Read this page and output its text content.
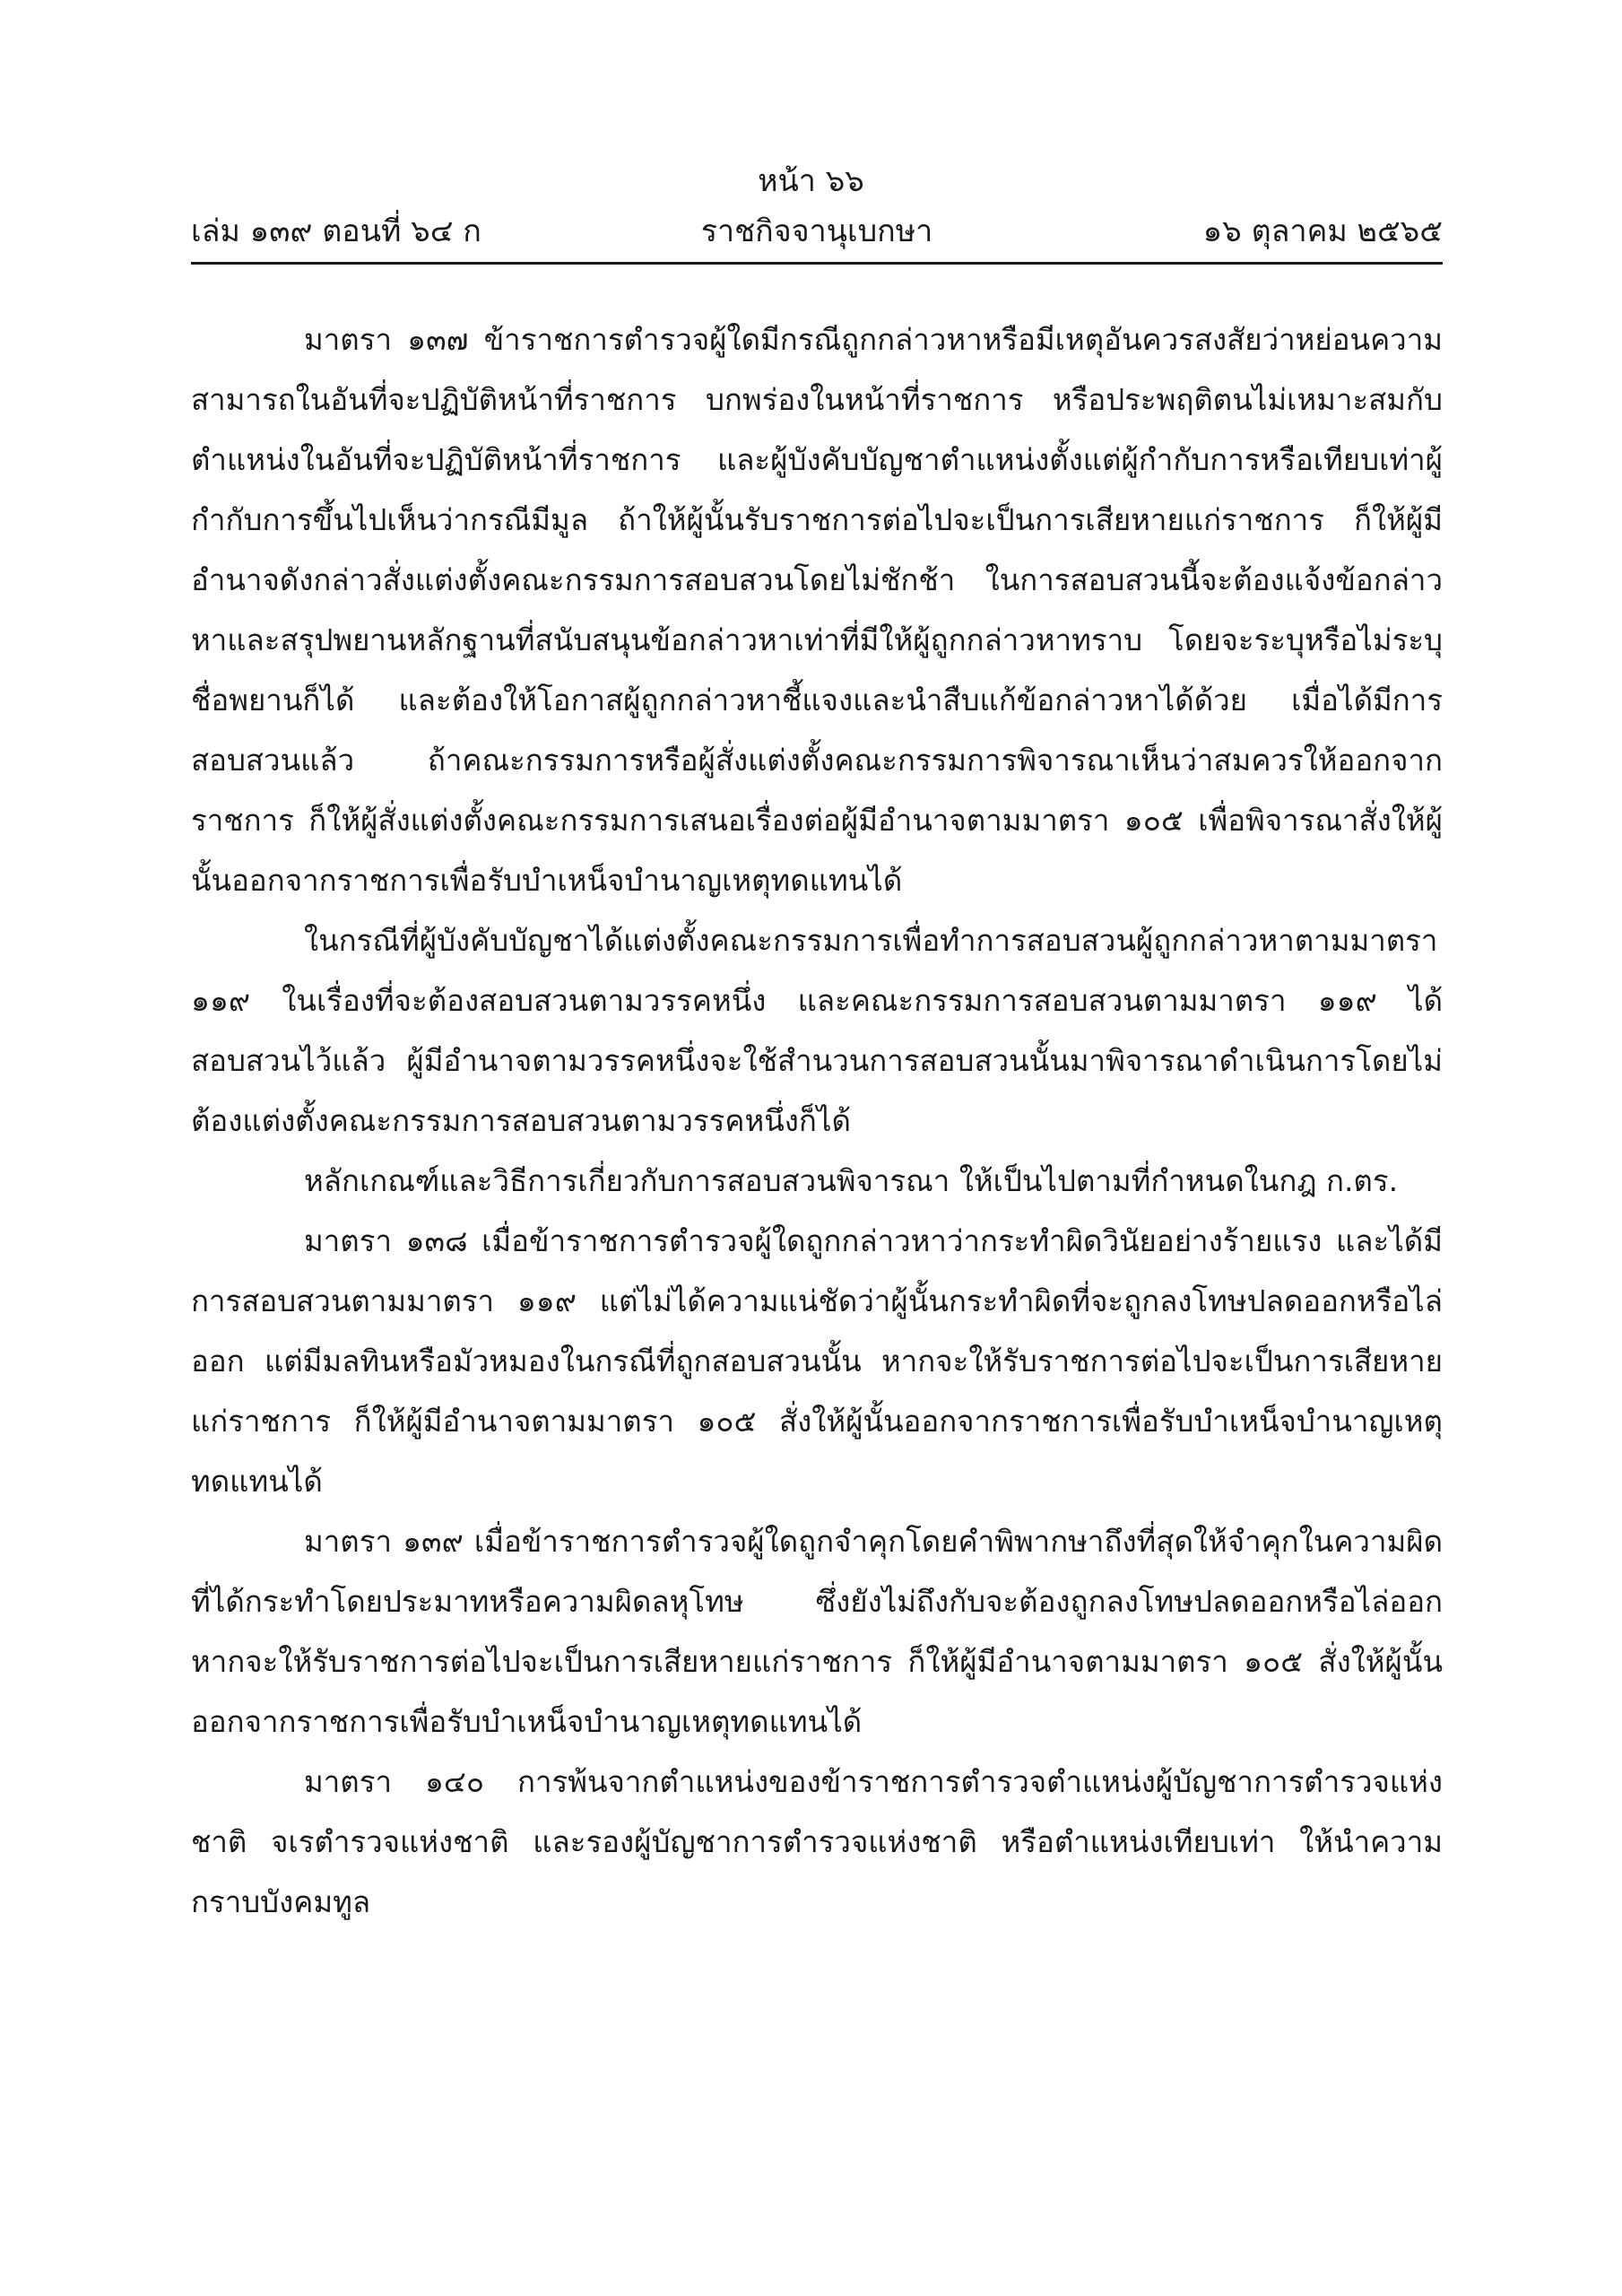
หน้า ๖๖
เล่ม ๑๓๙ ตอนที่ ๖๔ ก	ราชกิจจานุเบกษา	๑๖ ตุลาคม ๒๕๖๕

มาตรา ๑๓๗ ข้าราชการตำรวจผู้ใดมีกรณีถูกกล่าวหาหรือมีเหตุอันควรสงสัยว่าหย่อนความสามารถในอันที่จะปฏิบัติหน้าที่ราชการ บกพร่องในหน้าที่ราชการ หรือประพฤติตนไม่เหมาะสมกับตำแหน่งในอันที่จะปฏิบัติหน้าที่ราชการ และผู้บังคับบัญชาตำแหน่งตั้งแต่ผู้กำกับการหรือเทียบเท่าผู้กำกับการขึ้นไปเห็นว่ากรณีมีมูล ถ้าให้ผู้นั้นรับราชการต่อไปจะเป็นการเสียหายแก่ราชการ ก็ให้ผู้มีอำนาจดังกล่าวสั่งแต่งตั้งคณะกรรมการสอบสวนโดยไม่ชักช้า ในการสอบสวนนี้จะต้องแจ้งข้อกล่าวหาและสรุปพยานหลักฐานที่สนับสนุนข้อกล่าวหาเท่าที่มีให้ผู้ถูกกล่าวหาทราบ โดยจะระบุหรือไม่ระบุชื่อพยานก็ได้ และต้องให้โอกาสผู้ถูกกล่าวหาชี้แจงและนำสืบแก้ข้อกล่าวหาได้ด้วย เมื่อได้มีการสอบสวนแล้ว ถ้าคณะกรรมการหรือผู้สั่งแต่งตั้งคณะกรรมการพิจารณาเห็นว่าสมควรให้ออกจากราชการ ก็ให้ผู้สั่งแต่งตั้งคณะกรรมการเสนอเรื่องต่อผู้มีอำนาจตามมาตรา ๑๐๕ เพื่อพิจารณาสั่งให้ผู้นั้นออกจากราชการเพื่อรับบำเหน็จบำนาญเหตุทดแทนได้

ในกรณีที่ผู้บังคับบัญชาได้แต่งตั้งคณะกรรมการเพื่อทำการสอบสวนผู้ถูกกล่าวหาตามมาตรา ๑๑๙ ในเรื่องที่จะต้องสอบสวนตามวรรคหนึ่ง และคณะกรรมการสอบสวนตามมาตรา ๑๑๙ ได้สอบสวนไว้แล้ว ผู้มีอำนาจตามวรรคหนึ่งจะใช้สำนวนการสอบสวนนั้นมาพิจารณาดำเนินการโดยไม่ต้องแต่งตั้งคณะกรรมการสอบสวนตามวรรคหนึ่งก็ได้

หลักเกณฑ์และวิธีการเกี่ยวกับการสอบสวนพิจารณา ให้เป็นไปตามที่กำหนดในกฎ ก.ตร.

มาตรา ๑๓๘ เมื่อข้าราชการตำรวจผู้ใดถูกกล่าวหาว่ากระทำผิดวินัยอย่างร้ายแรง และได้มีการสอบสวนตามมาตรา ๑๑๙ แต่ไม่ได้ความแน่ชัดว่าผู้นั้นกระทำผิดที่จะถูกลงโทษปลดออกหรือไล่ออก แต่มีมลทินหรือมัวหมองในกรณีที่ถูกสอบสวนนั้น หากจะให้รับราชการต่อไปจะเป็นการเสียหายแก่ราชการ ก็ให้ผู้มีอำนาจตามมาตรา ๑๐๕ สั่งให้ผู้นั้นออกจากราชการเพื่อรับบำเหน็จบำนาญเหตุทดแทนได้

มาตรา ๑๓๙ เมื่อข้าราชการตำรวจผู้ใดถูกจำคุกโดยคำพิพากษาถึงที่สุดให้จำคุกในความผิดที่ได้กระทำโดยประมาทหรือความผิดลหุโทษ ซึ่งยังไม่ถึงกับจะต้องถูกลงโทษปลดออกหรือไล่ออก หากจะให้รับราชการต่อไปจะเป็นการเสียหายแก่ราชการ ก็ให้ผู้มีอำนาจตามมาตรา ๑๐๕ สั่งให้ผู้นั้นออกจากราชการเพื่อรับบำเหน็จบำนาญเหตุทดแทนได้

มาตรา ๑๔๐ การพ้นจากตำแหน่งของข้าราชการตำรวจตำแหน่งผู้บัญชาการตำรวจแห่งชาติ จเรตำรวจแห่งชาติ และรองผู้บัญชาการตำรวจแห่งชาติ หรือตำแหน่งเทียบเท่า ให้นำความกราบบังคมทูล
